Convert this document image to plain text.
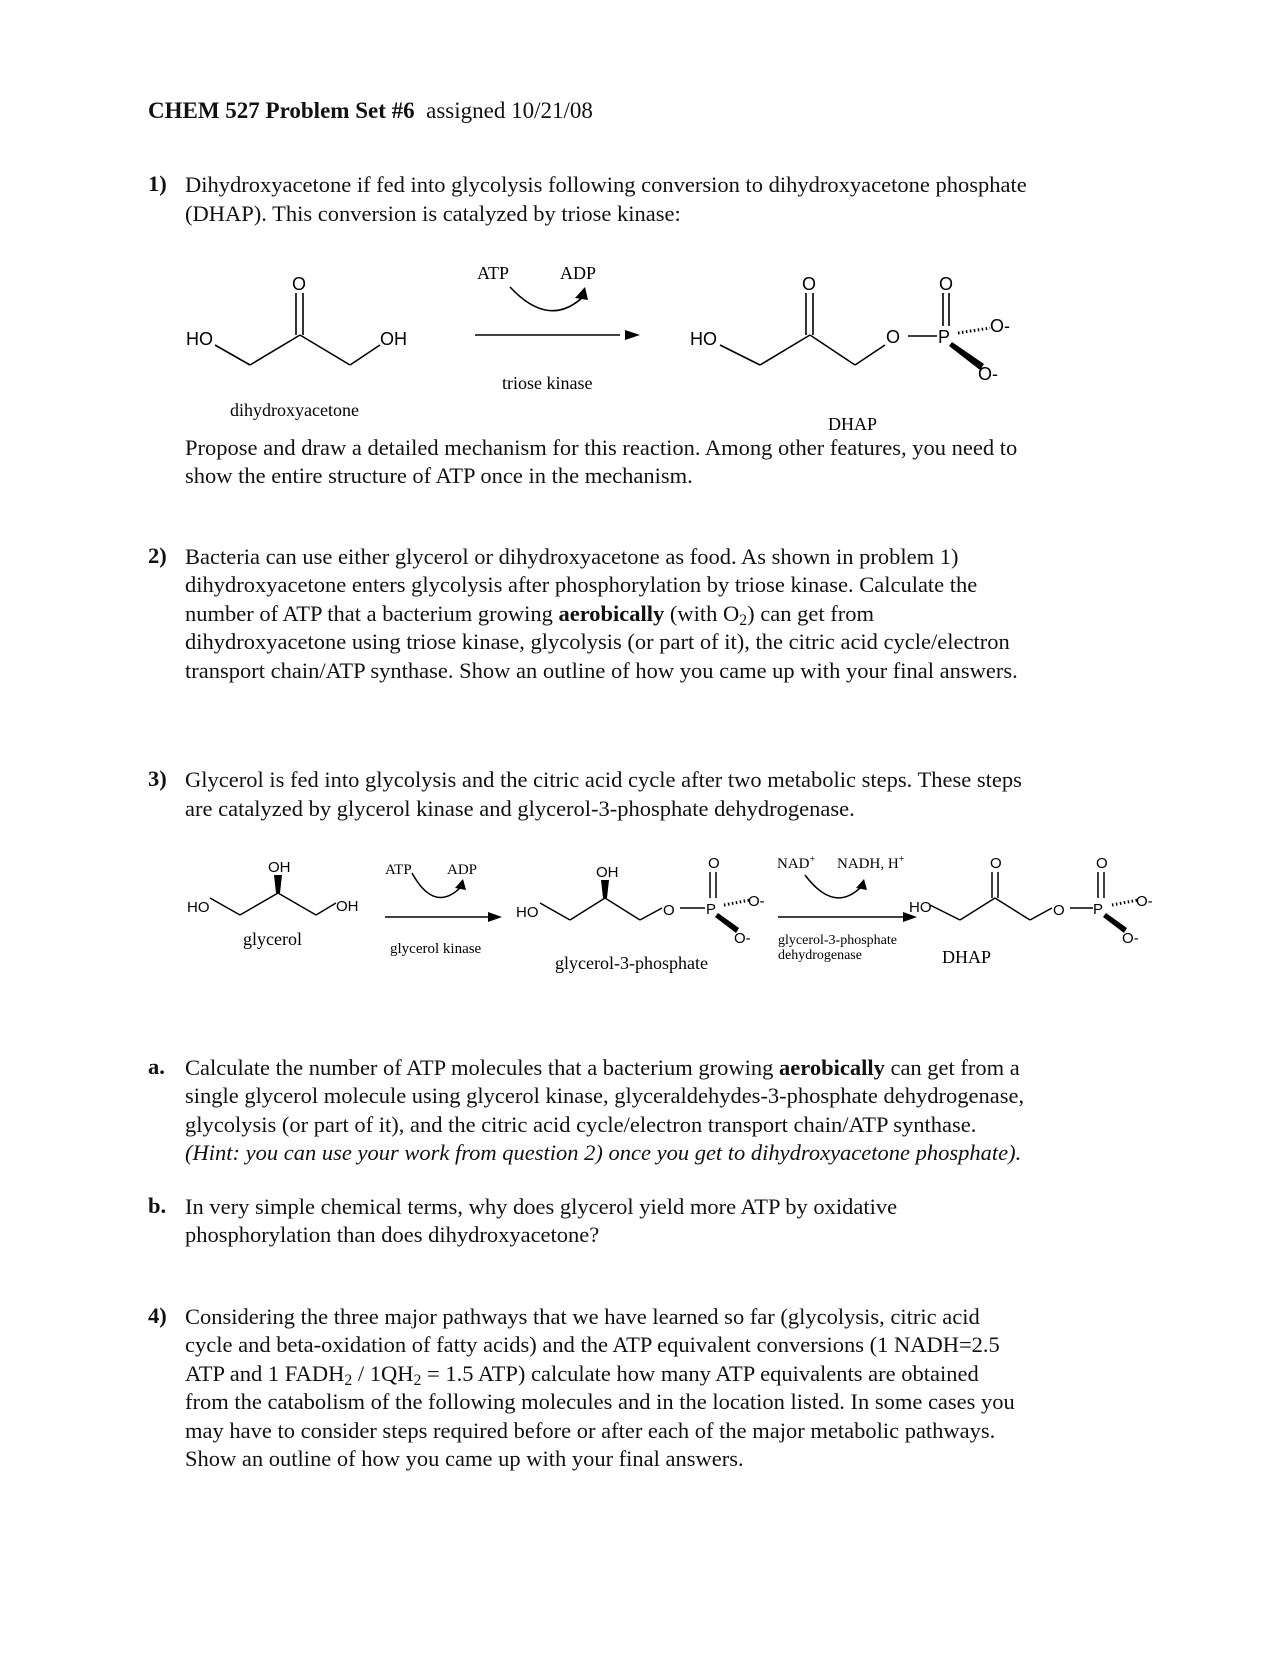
CHEM 527 Problem Set #6 assigned 10/21/08
1) Dihydroxyacetone if fed into glycolysis following conversion to dihydroxyacetone phosphate
(DHAP). This conversion is catalyzed by triose kinase:
HO	OH
O
HO
O
O
O
P
O-
O-
ATP	ADP
triose kinase
dihydroxyacetone
DHAP
Propose and draw a detailed mechanism for this reaction. Among other features, you need to
show the entire structure of ATP once in the mechanism.
2) Bacteria can use either glycerol or dihydroxyacetone as food. As shown in problem 1)
dihydroxyacetone enters glycolysis after phosphorylation by triose kinase. Calculate the
number of ATP that a bacterium growing aerobically (with $O_2$) can get from
dihydroxyacetone using triose kinase, glycolysis (or part of it), the citric acid cycle/electron
transport chain/ATP synthase. Show an outline of how you came up with your final answers.
3) Glycerol is fed into glycolysis and the citric acid cycle after two metabolic steps. These steps
are catalyzed by glycerol kinase and glycerol-3-phosphate dehydrogenase.
HO
OH
OH	HO
OH
O
O
P O-
O-
HO
O
O
O
P O-
O-
ATP ADP	NAD+ NADH, H+
glycerol kinase
glycerol-3-phosphate
dehydrogenase
glycerol
glycerol-3-phosphate	DHAP
a. Calculate the number of ATP molecules that a bacterium growing aerobically can get from a
single glycerol molecule using glycerol kinase, glyceraldehydes-3-phosphate dehydrogenase,
glycolysis (or part of it), and the citric acid cycle/electron transport chain/ATP synthase.
(Hint: you can use your work from question 2) once you get to dihydroxyacetone phosphate).
b. In very simple chemical terms, why does glycerol yield more ATP by oxidative
phosphorylation than does dihydroxyacetone?
4) Considering the three major pathways that we have learned so far (glycolysis, citric acid
cycle and beta-oxidation of fatty acids) and the ATP equivalent conversions (1 NADH=2.5
ATP and 1 $FADH_2 / 1QH_2 = 1.5$ ATP) calculate how many ATP equivalents are obtained
from the catabolism of the following molecules and in the location listed. In some cases you
may have to consider steps required before or after each of the major metabolic pathways.
Show an outline of how you came up with your final answers.
